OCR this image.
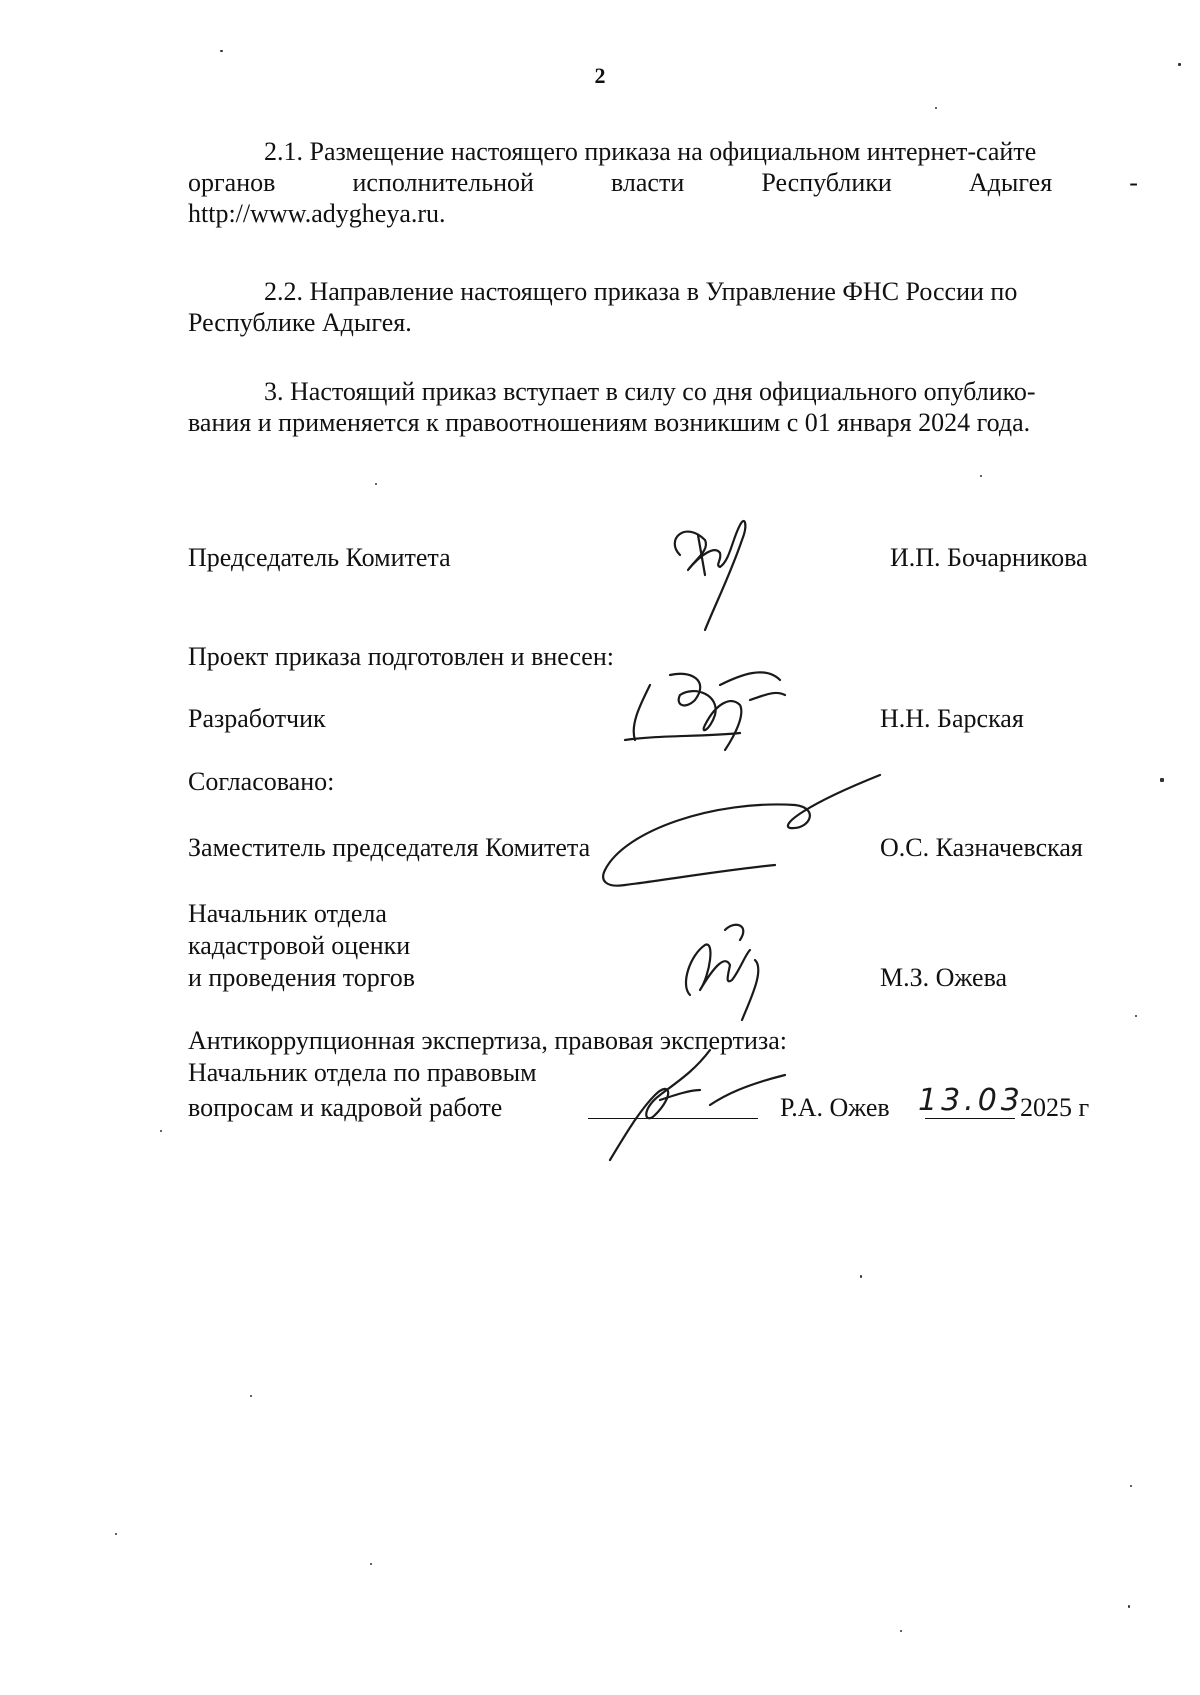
2
2.1. Размещение настоящего приказа на официальном интернет-сайте
органов	исполнительной	власти	Республики	Адыгея	-
http://www.adygheya.ru.
2.2. Направление настоящего приказа в Управление ФНС России по
Республике Адыгея.
3. Настоящий приказ вступает в силу со дня официального опублико-
вания и применяется к правоотношениям возникшим с 01 января 2024 года.
Председатель Комитета	И.П. Бочарникова
Проект приказа подготовлен и внесен:
Разработчик	Н.Н. Барская
Согласовано:
Заместитель председателя Комитета	О.С. Казначевская
Начальник отдела
кадастровой оценки
и проведения торгов	М.З. Ожева
Антикоррупционная экспертиза, правовая экспертиза:
Начальник отдела по правовым
вопросам и кадровой работе	Р.А. Ожев 13.03
2025 г
